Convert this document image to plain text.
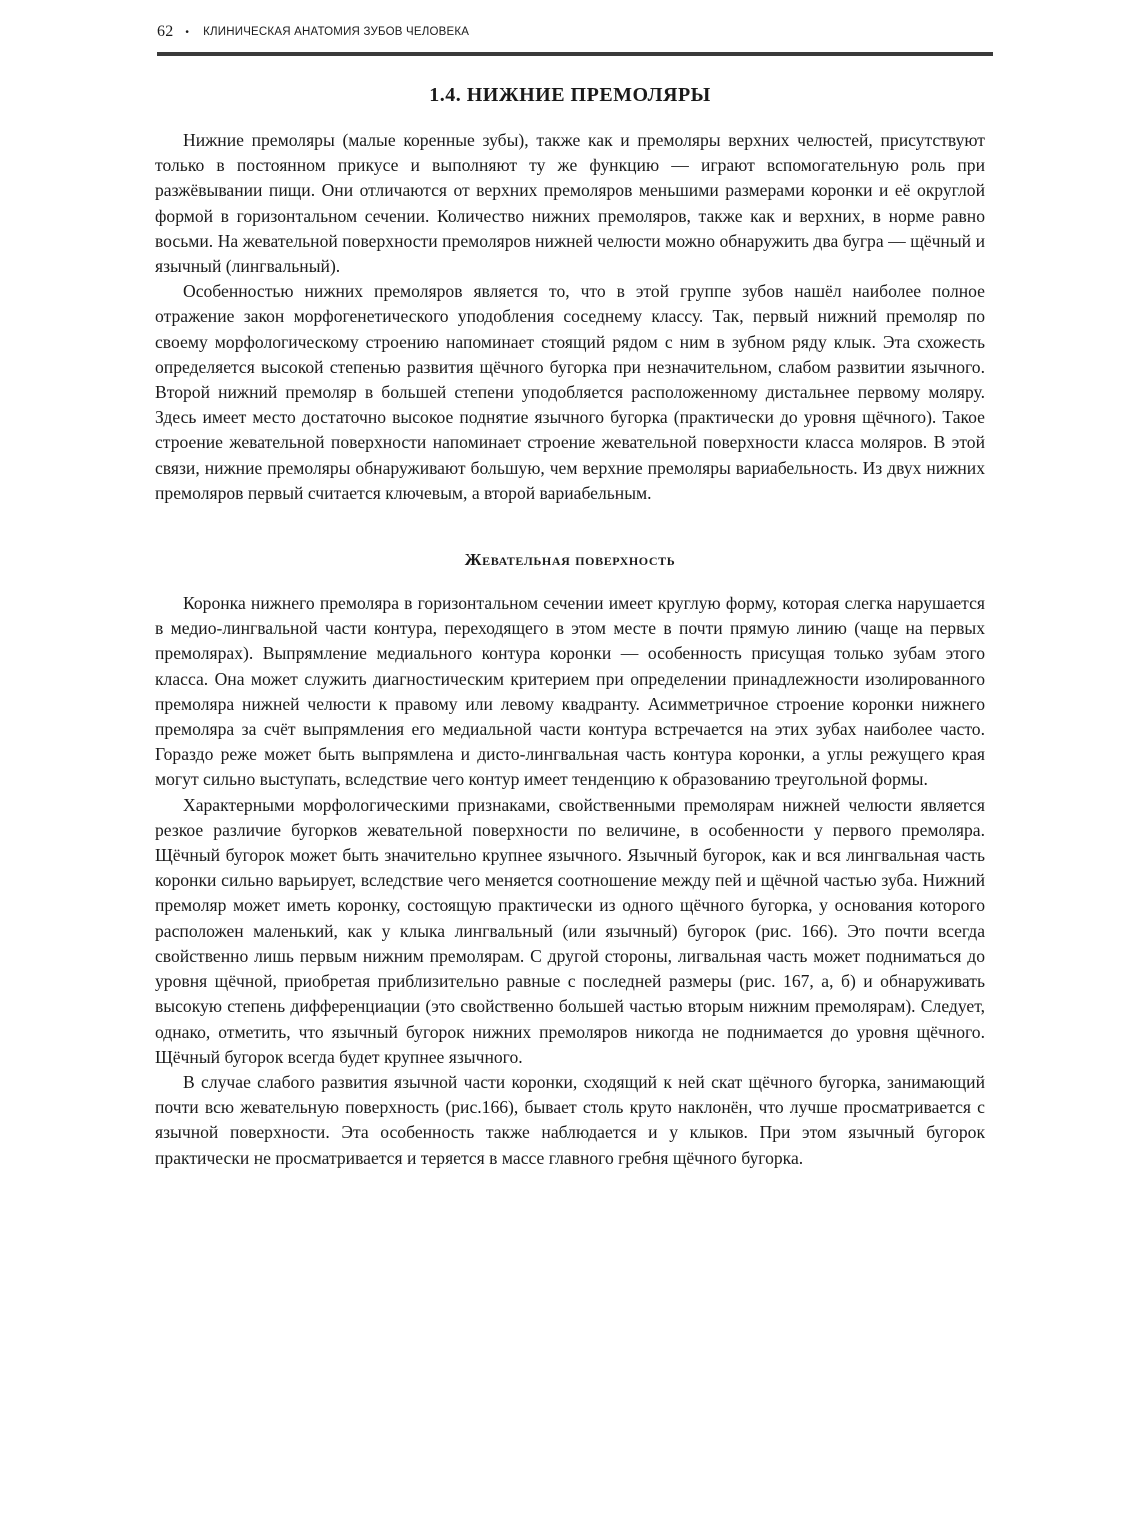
62 • КЛИНИЧЕСКАЯ АНАТОМИЯ ЗУБОВ ЧЕЛОВЕКА
1.4. НИЖНИЕ ПРЕМОЛЯРЫ

Нижние премоляры (малые коренные зубы), также как и премоляры верхних челюстей, присутствуют только в постоянном прикусе и выполняют ту же функцию — играют вспомогательную роль при разжёвывании пищи. Они отличаются от верхних премоляров меньшими размерами коронки и её округлой формой в горизонтальном сечении. Количество нижних премоляров, также как и верхних, в норме равно восьми. На жевательной поверхности премоляров нижней челюсти можно обнаружить два бугра — щёчный и язычный (лингвальный).

Особенностью нижних премоляров является то, что в этой группе зубов нашёл наиболее полное отражение закон морфогенетического уподобления соседнему классу. Так, первый нижний премоляр по своему морфологическому строению напоминает стоящий рядом с ним в зубном ряду клык. Эта схожесть определяется высокой степенью развития щёчного бугорка при незначительном, слабом развитии язычного. Второй нижний премоляр в большей степени уподобляется расположенному дистальнее первому моляру. Здесь имеет место достаточно высокое поднятие язычного бугорка (практически до уровня щёчного). Такое строение жевательной поверхности напоминает строение жевательной поверхности класса моляров. В этой связи, нижние премоляры обнаруживают большую, чем верхние премоляры вариабельность. Из двух нижних премоляров первый считается ключевым, а второй вариабельным.

Жевательная поверхность

Коронка нижнего премоляра в горизонтальном сечении имеет круглую форму, которая слегка нарушается в медио-лингвальной части контура, переходящего в этом месте в почти прямую линию (чаще на первых премолярах). Выпрямление медиального контура коронки — особенность присущая только зубам этого класса. Она может служить диагностическим критерием при определении принадлежности изолированного премоляра нижней челюсти к правому или левому квадранту. Асимметричное строение коронки нижнего премоляра за счёт выпрямления его медиальной части контура встречается на этих зубах наиболее часто. Гораздо реже может быть выпрямлена и дисто-лингвальная часть контура коронки, а углы режущего края могут сильно выступать, вследствие чего контур имеет тенденцию к образованию треугольной формы.

Характерными морфологическими признаками, свойственными премолярам нижней челюсти является резкое различие бугорков жевательной поверхности по величине, в особенности у первого премоляра. Щёчный бугорок может быть значительно крупнее язычного. Язычный бугорок, как и вся лингвальная часть коронки сильно варьирует, вследствие чего меняется соотношение между пей и щёчной частью зуба. Нижний премоляр может иметь коронку, состоящую практически из одного щёчного бугорка, у основания которого расположен маленький, как у клыка лингвальный (или язычный) бугорок (рис. 166). Это почти всегда свойственно лишь первым нижним премолярам. С другой стороны, лигвальная часть может подниматься до уровня щёчной, приобретая приблизительно равные с последней размеры (рис. 167, а, б) и обнаруживать высокую степень дифференциации (это свойственно большей частью вторым нижним премолярам). Следует, однако, отметить, что язычный бугорок нижних премоляров никогда не поднимается до уровня щёчного. Щёчный бугорок всегда будет крупнее язычного.

В случае слабого развития язычной части коронки, сходящий к ней скат щёчного бугорка, занимающий почти всю жевательную поверхность (рис.166), бывает столь круто наклонён, что лучше просматривается с язычной поверхности. Эта особенность также наблюдается и у клыков. При этом язычный бугорок практически не просматривается и теряется в массе главного гребня щёчного бугорка.
